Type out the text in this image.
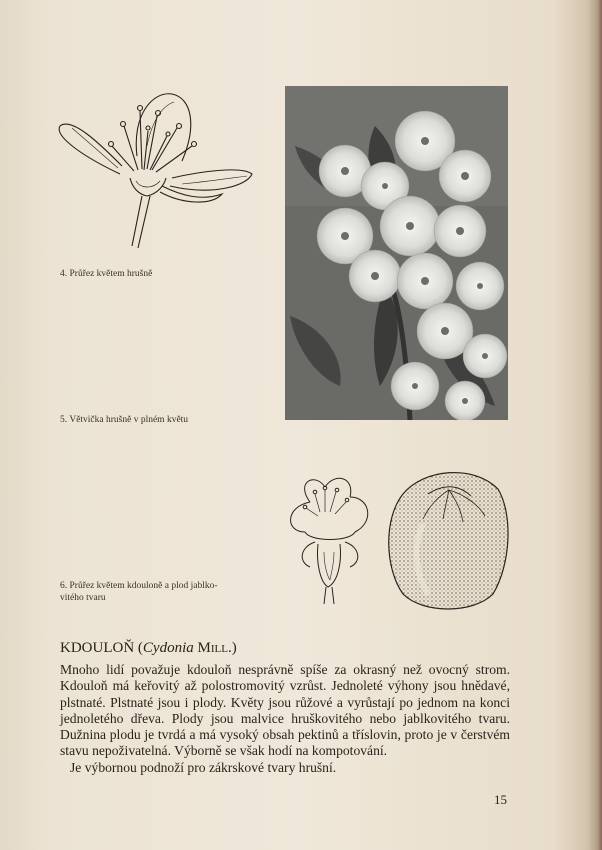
4. Průřez květem hrušně
5. Větvička hrušně v plném květu
6. Průřez květem kdouloně a plod jablko-
vitého tvaru
KDOULOŇ (Cydonia Mill.)

Mnoho lidí považuje kdouloň nesprávně spíše za okrasný než ovocný strom. Kdouloň má keřovitý až polostromovitý vzrůst. Jednoleté výhony jsou hnědavé, plstnaté. Plstnaté jsou i plody. Květy jsou růžové a vyrůstají po jednom na konci jednoletého dřeva. Plody jsou malvice hruškovitého nebo jablkovitého tvaru. Dužnina plodu je tvrdá a má vysoký obsah pektinů a tříslovin, proto je v čerstvém stavu nepoživatelná. Výborně se však hodí na kompotování.

Je výbornou podnoží pro zákrskové tvary hrušní.

15
